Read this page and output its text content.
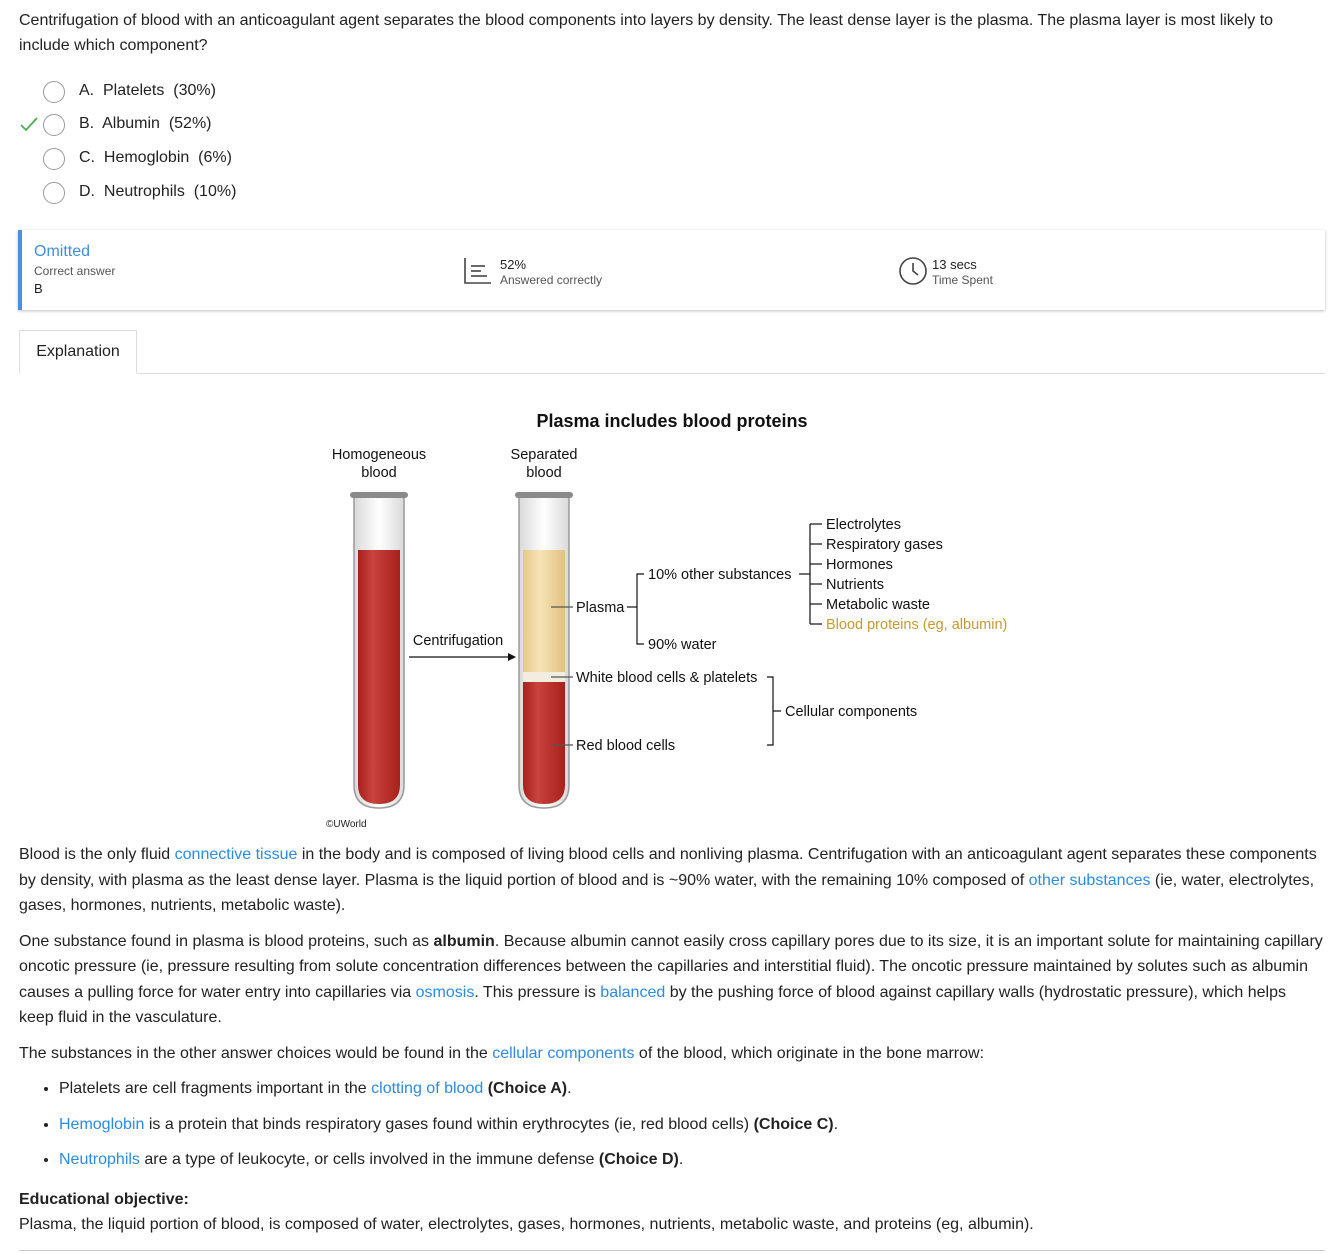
Centrifugation of blood with an anticoagulant agent separates the blood components into layers by density. The least dense layer is the plasma. The plasma layer is most likely to include which component?
A.  Platelets  (30%)
B.  Albumin  (52%)
C.  Hemoglobin  (6%)
D.  Neutrophils  (10%)
Omitted
Correct answer
B
52%
Answered correctly
13 secs
Time Spent
Explanation
Plasma includes blood proteins
Homogeneous
blood
Separated
blood
Centrifugation
Plasma
10% other substances
90% water
Electrolytes
Respiratory gases
Hormones
Nutrients
Metabolic waste
Blood proteins (eg, albumin)
White blood cells & platelets
Red blood cells
Cellular components
©UWorld

Blood is the only fluid connective tissue in the body and is composed of living blood cells and nonliving plasma. Centrifugation with an anticoagulant agent separates these components by density, with plasma as the least dense layer. Plasma is the liquid portion of blood and is ~90% water, with the remaining 10% composed of other substances (ie, water, electrolytes, gases, hormones, nutrients, metabolic waste).

One substance found in plasma is blood proteins, such as albumin. Because albumin cannot easily cross capillary pores due to its size, it is an important solute for maintaining capillary oncotic pressure (ie, pressure resulting from solute concentration differences between the capillaries and interstitial fluid). The oncotic pressure maintained by solutes such as albumin causes a pulling force for water entry into capillaries via osmosis. This pressure is balanced by the pushing force of blood against capillary walls (hydrostatic pressure), which helps keep fluid in the vasculature.

The substances in the other answer choices would be found in the cellular components of the blood, which originate in the bone marrow:

• Platelets are cell fragments important in the clotting of blood (Choice A).
• Hemoglobin is a protein that binds respiratory gases found within erythrocytes (ie, red blood cells) (Choice C).
• Neutrophils are a type of leukocyte, or cells involved in the immune defense (Choice D).
Educational objective:
Plasma, the liquid portion of blood, is composed of water, electrolytes, gases, hormones, nutrients, metabolic waste, and proteins (eg, albumin).
